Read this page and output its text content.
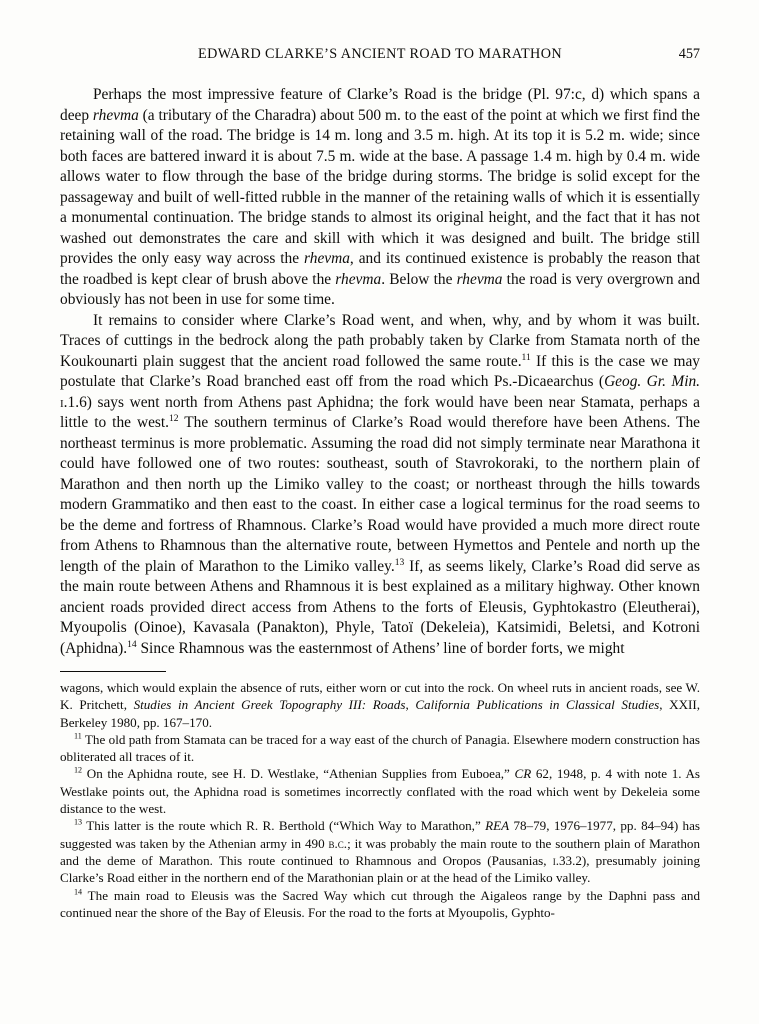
EDWARD CLARKE’S ANCIENT ROAD TO MARATHON	457

Perhaps the most impressive feature of Clarke’s Road is the bridge (Pl. 97:c, d) which spans a deep rhevma (a tributary of the Charadra) about 500 m. to the east of the point at which we first find the retaining wall of the road. The bridge is 14 m. long and 3.5 m. high. At its top it is 5.2 m. wide; since both faces are battered inward it is about 7.5 m. wide at the base. A passage 1.4 m. high by 0.4 m. wide allows water to flow through the base of the bridge during storms. The bridge is solid except for the passageway and built of well-fitted rubble in the manner of the retaining walls of which it is essentially a monumental continuation. The bridge stands to almost its original height, and the fact that it has not washed out demonstrates the care and skill with which it was designed and built. The bridge still provides the only easy way across the rhevma, and its continued existence is probably the reason that the roadbed is kept clear of brush above the rhevma. Below the rhevma the road is very overgrown and obviously has not been in use for some time.

It remains to consider where Clarke’s Road went, and when, why, and by whom it was built. Traces of cuttings in the bedrock along the path probably taken by Clarke from Stamata north of the Koukounarti plain suggest that the ancient road followed the same route.$^{11}$ If this is the case we may postulate that Clarke’s Road branched east off from the road which Ps.-Dicaearchus (Geog. Gr. Min. i.1.6) says went north from Athens past Aphidna; the fork would have been near Stamata, perhaps a little to the west.$^{12}$ The southern terminus of Clarke’s Road would therefore have been Athens. The northeast terminus is more problematic. Assuming the road did not simply terminate near Marathona it could have followed one of two routes: southeast, south of Stavrokoraki, to the northern plain of Marathon and then north up the Limiko valley to the coast; or northeast through the hills towards modern Grammatiko and then east to the coast. In either case a logical terminus for the road seems to be the deme and fortress of Rhamnous. Clarke’s Road would have provided a much more direct route from Athens to Rhamnous than the alternative route, between Hymettos and Pentele and north up the length of the plain of Marathon to the Limiko valley.$^{13}$ If, as seems likely, Clarke’s Road did serve as the main route between Athens and Rhamnous it is best explained as a military highway. Other known ancient roads provided direct access from Athens to the forts of Eleusis, Gyphtokastro (Eleutherai), Myoupolis (Oinoe), Kavasala (Panakton), Phyle, Tatoï (Dekeleia), Katsimidi, Beletsi, and Kotroni (Aphidna).$^{14}$ Since Rhamnous was the easternmost of Athens’ line of border forts, we might

wagons, which would explain the absence of ruts, either worn or cut into the rock. On wheel ruts in ancient roads, see W. K. Pritchett, Studies in Ancient Greek Topography III: Roads, California Publications in Classical Studies, XXII, Berkeley 1980, pp. 167–170.

$^{11}$ The old path from Stamata can be traced for a way east of the church of Panagia. Elsewhere modern construction has obliterated all traces of it.

$^{12}$ On the Aphidna route, see H. D. Westlake, “Athenian Supplies from Euboea,” CR 62, 1948, p. 4 with note 1. As Westlake points out, the Aphidna road is sometimes incorrectly conflated with the road which went by Dekeleia some distance to the west.

$^{13}$ This latter is the route which R. R. Berthold (“Which Way to Marathon,” REA 78–79, 1976–1977, pp. 84–94) has suggested was taken by the Athenian army in 490 b.c.; it was probably the main route to the southern plain of Marathon and the deme of Marathon. This route continued to Rhamnous and Oropos (Pausanias, i.33.2), presumably joining Clarke’s Road either in the northern end of the Marathonian plain or at the head of the Limiko valley.

$^{14}$ The main road to Eleusis was the Sacred Way which cut through the Aigaleos range by the Daphni pass and continued near the shore of the Bay of Eleusis. For the road to the forts at Myoupolis, Gyphto-
